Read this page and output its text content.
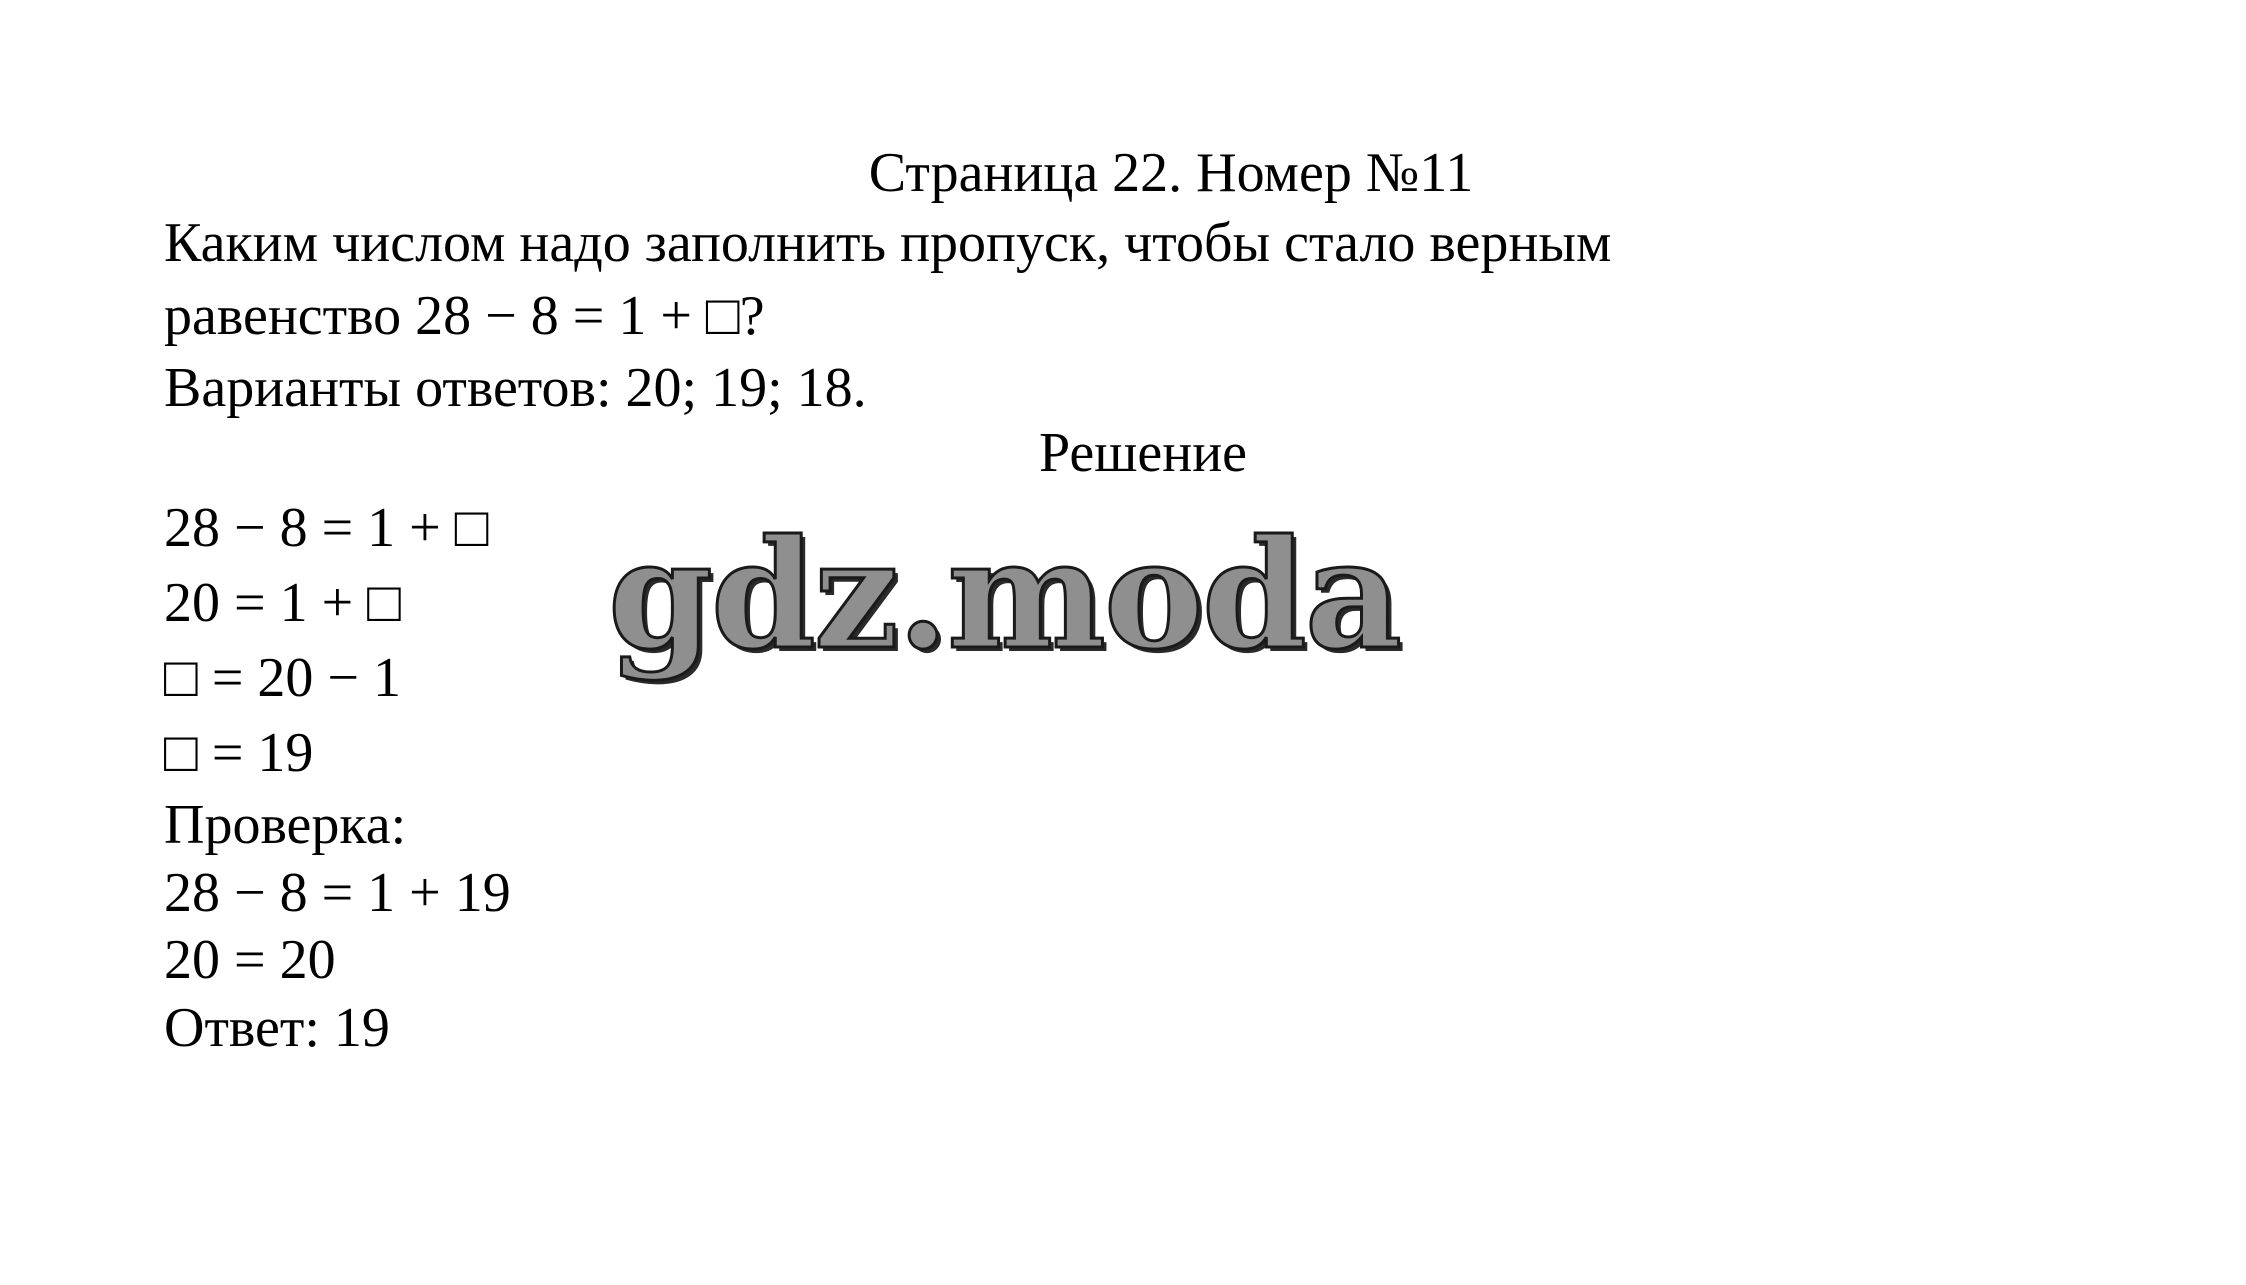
Страница 22. Номер №11
Каким числом надо заполнить пропуск, чтобы стало верным
равенство 28 − 8 = 1 + □?
Варианты ответов: 20; 19; 18.
Решение
28 − 8 = 1 + □
20 = 1 + □
□ = 20 − 1
□ = 19
Проверка:
28 − 8 = 1 + 19
20 = 20
Ответ: 19
gdz.moda
